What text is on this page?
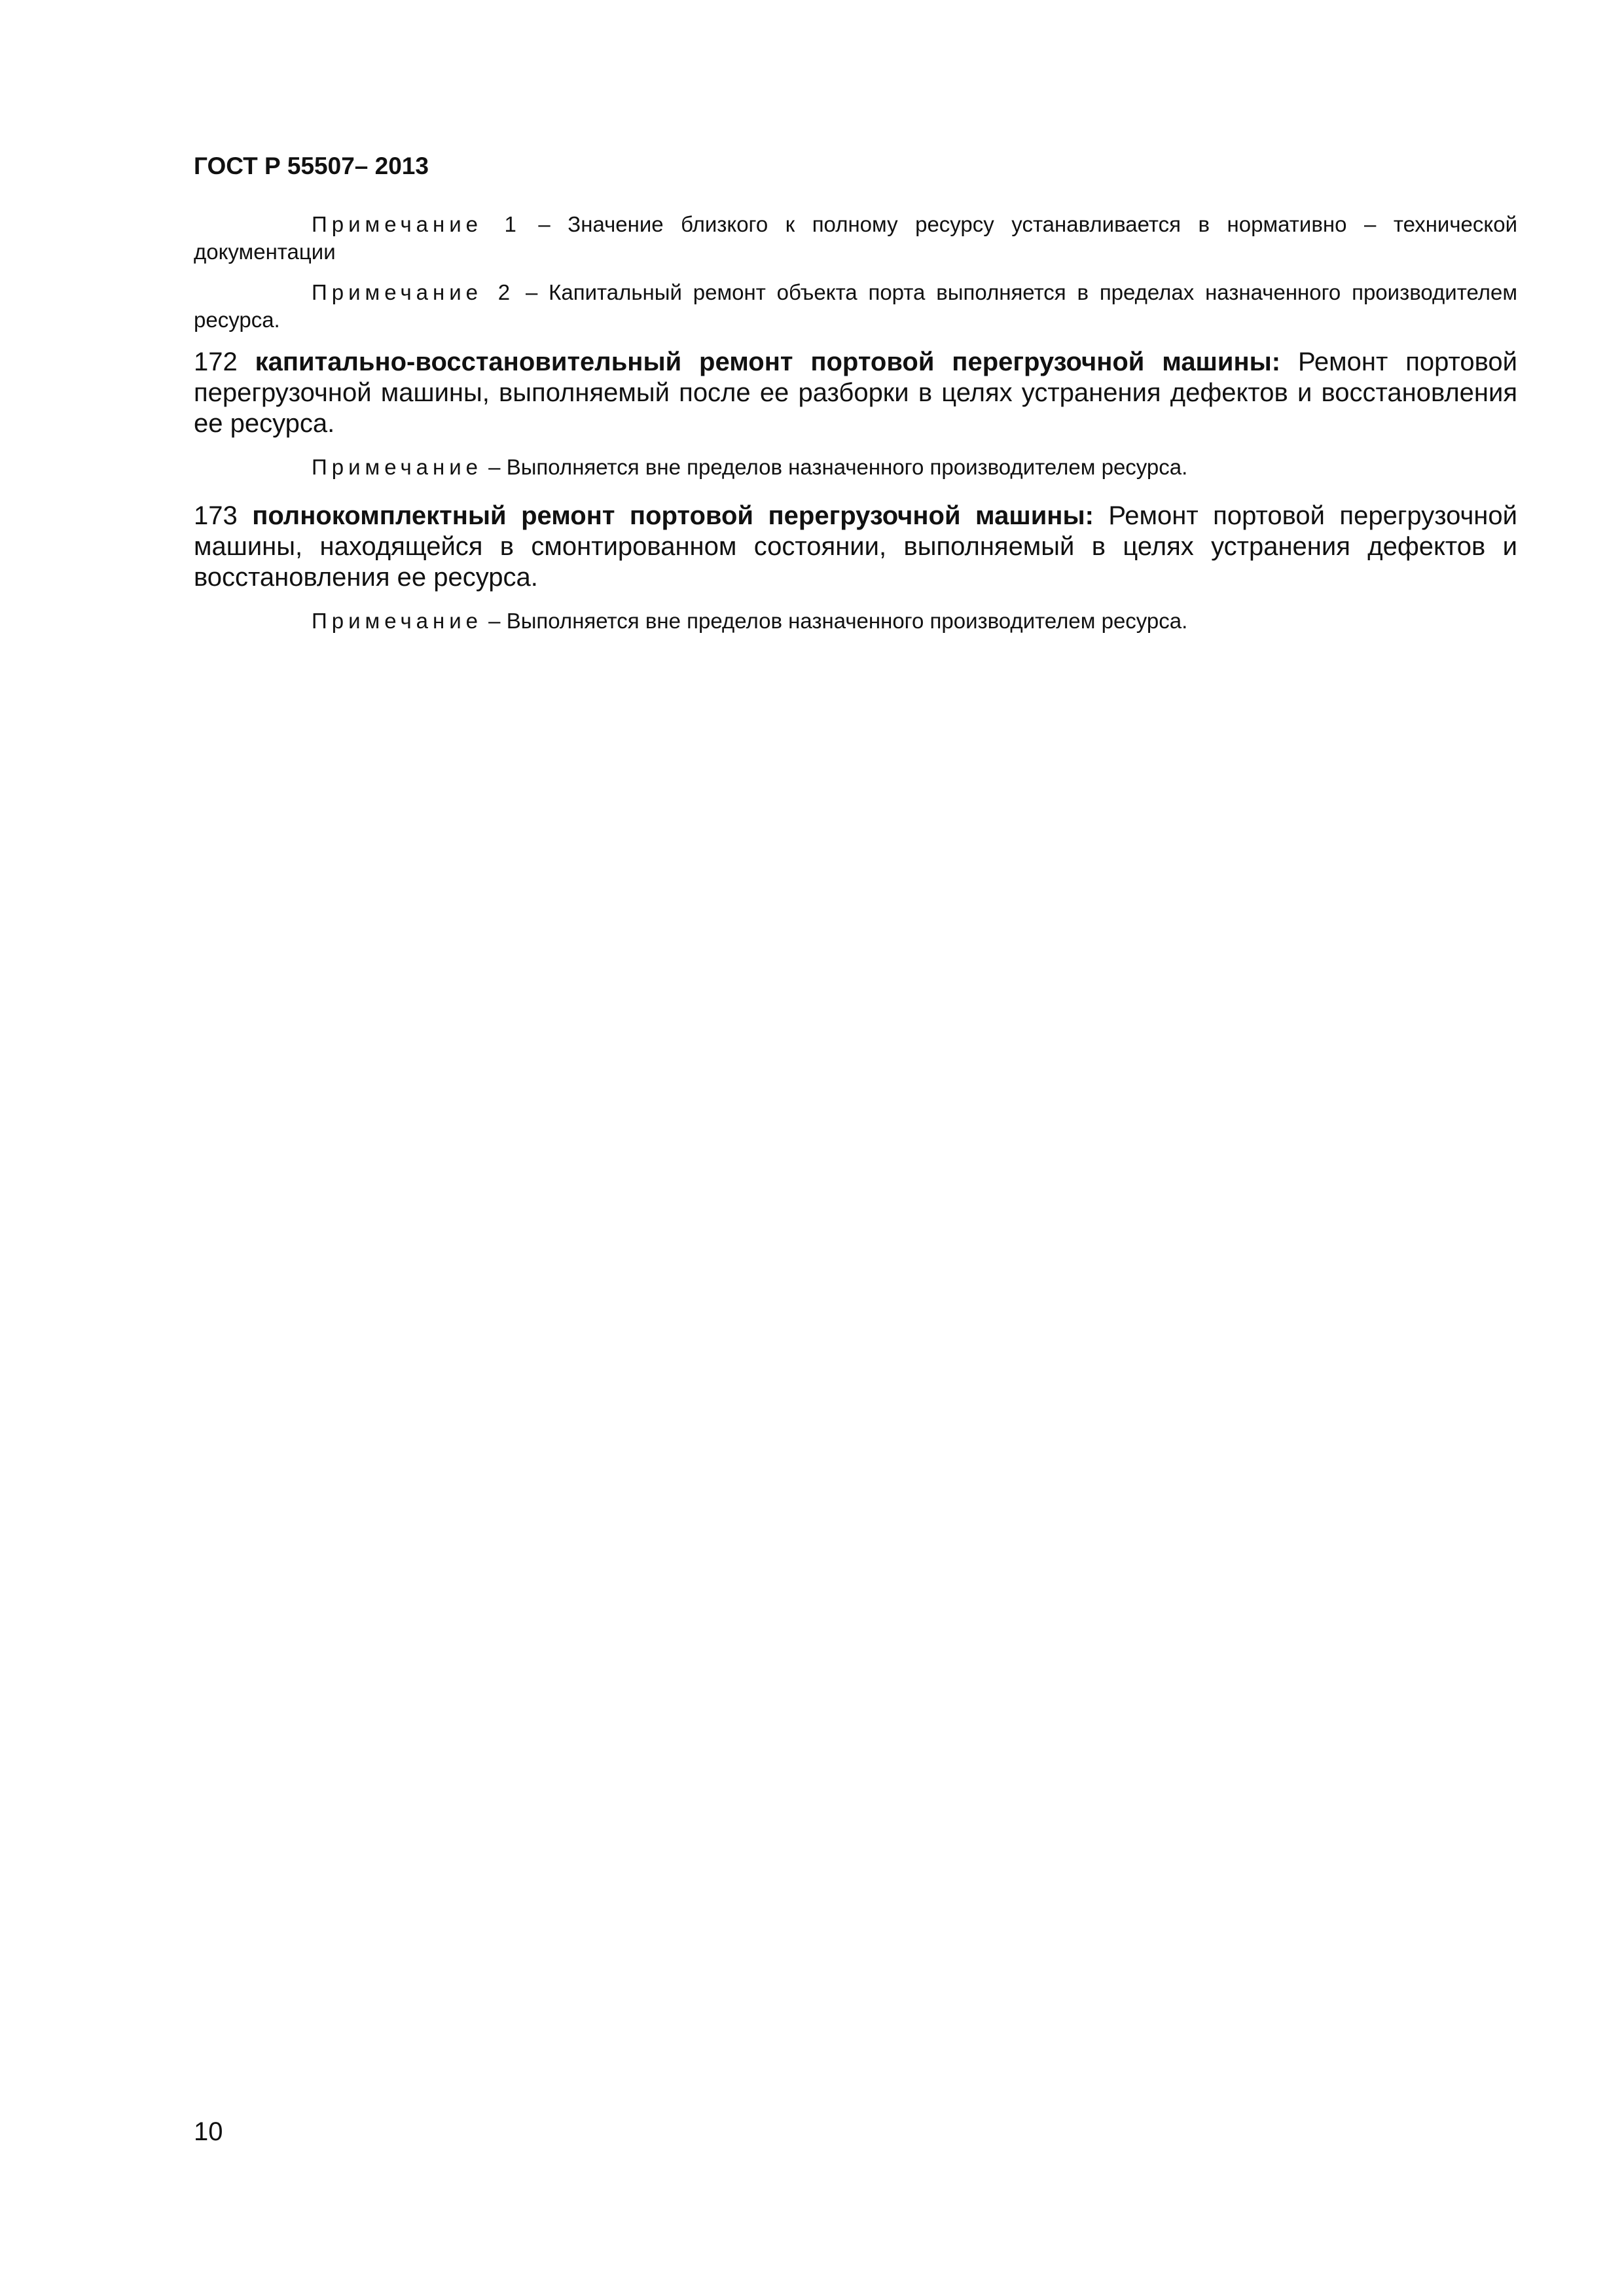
ГОСТ Р 55507– 2013

Примечание 1 – Значение близкого к полному ресурсу устанавливается в нормативно – технической документации

Примечание 2 – Капитальный ремонт объекта порта выполняется в пределах назначенного производителем ресурса.

172 капитально-восстановительный ремонт портовой перегрузочной машины: Ремонт портовой перегрузочной машины, выполняемый после ее разборки в целях устранения дефектов и восстановления ее ресурса.

Примечание – Выполняется вне пределов назначенного производителем ресурса.

173 полнокомплектный ремонт портовой перегрузочной машины: Ремонт портовой перегрузочной машины, находящейся в смонтированном состоянии, выполняемый в целях устранения дефектов и восстановления ее ресурса.

Примечание – Выполняется вне пределов назначенного производителем ресурса.

10
